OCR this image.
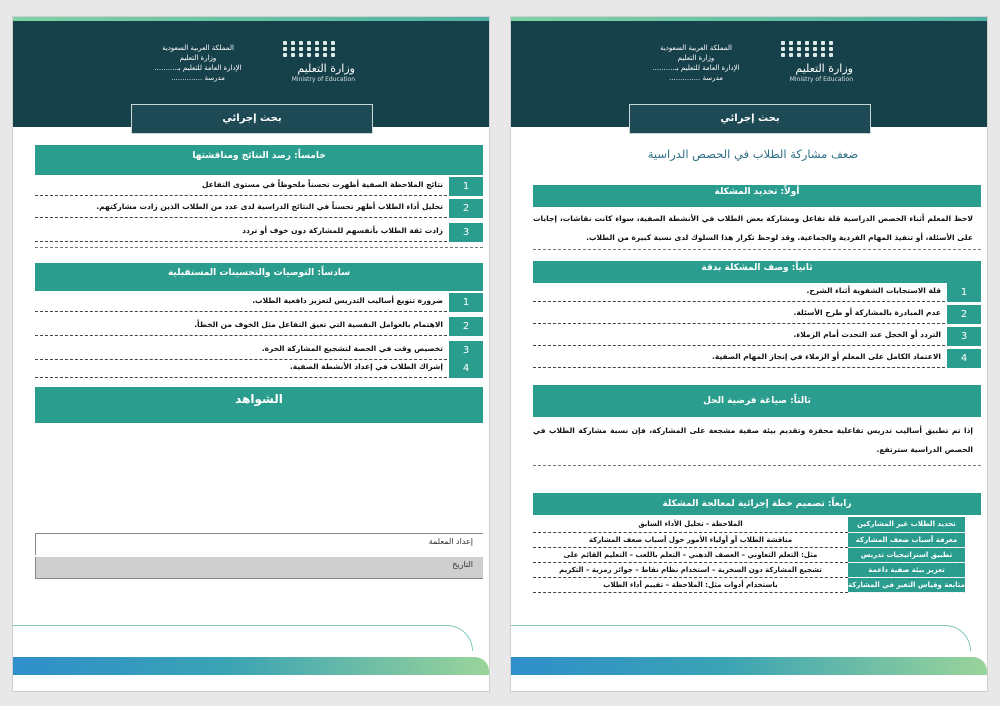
وزارة التعليم
Ministry of Education
المملكة العربية السعودية
وزارة التعليم
الإدارة العامة للتعليم بـ..........
مدرسة ..............
بحث إجرائي
خامساً: رصد النتائج ومناقشتها
1
نتائج الملاحظة الصفية أظهرت تحسناً ملحوظاً في مستوى التفاعل
2
تحليل أداء الطلاب أظهر تحسناً في النتائج الدراسية لدى عدد من الطلاب الذين زادت مشاركتهم.
3
زادت ثقة الطلاب بأنفسهم للمشاركة دون خوف أو تردد
سادساً: التوصيات والتحسينات المستقبلية
1
ضرورة تنويع أساليب التدريس لتعزيز دافعية الطلاب.
2
الاهتمام بالعوامل النفسية التي تعيق التفاعل مثل الخوف من الخطأ.
3
تخصيص وقت في الحصة لتشجيع المشاركة الحرة.
4
إشراك الطلاب في إعداد الأنشطة الصفية.
الشواهد
إعداد المعلمة
التاريخ
وزارة التعليم
Ministry of Education
المملكة العربية السعودية
وزارة التعليم
الإدارة العامة للتعليم بـ..........
مدرسة ..............
بحث إجرائي
ضعف مشاركة الطلاب في الحصص الدراسية
أولاً: تحديد المشكلة
لاحظ المعلم أثناء الحصص الدراسية قلة تفاعل ومشاركة بعض الطلاب في الأنشطة الصفية، سواء كانت نقاشات، إجابات على الأسئلة، أو تنفيذ المهام الفردية والجماعية. وقد لوحظ تكرار هذا السلوك لدى نسبة كبيرة من الطلاب.
ثانياً: وصف المشكلة بدقة
1
قلة الاستجابات الشفوية أثناء الشرح.
2
عدم المبادرة بالمشاركة أو طرح الأسئلة.
3
التردد أو الخجل عند التحدث أمام الزملاء.
4
الاعتماد الكامل على المعلم أو الزملاء في إنجاز المهام الصفية.
ثالثاً: صياغة فرضية الحل
إذا تم تطبيق أساليب تدريس تفاعلية محفزة وتقديم بيئة صفية مشجعة على المشاركة، فإن نسبة مشاركة الطلاب في الحصص الدراسية سترتفع.
رابعاً: تصميم خطة إجرائية لمعالجة المشكلة
تحديد الطلاب غير المشاركين	الملاحظة - تحليل الأداء السابق
معرفة أسباب ضعف المشاركة	مناقشة الطلاب أو أولياء الأمور حول أسباب ضعف المشاركة
تطبيق استراتيجيات تدريس	مثل: التعلم التعاوني – العصف الذهني – التعلم باللعب – التعليم القائم على
تعزيز بيئة صفية داعمة	تشجيع المشاركة دون السخرية – استخدام نظام نقاط – جوائز رمزية – التكريم
متابعة وقياس التغير في المشاركة	باستخدام أدوات مثل: الملاحظة – تقييم أداء الطلاب
